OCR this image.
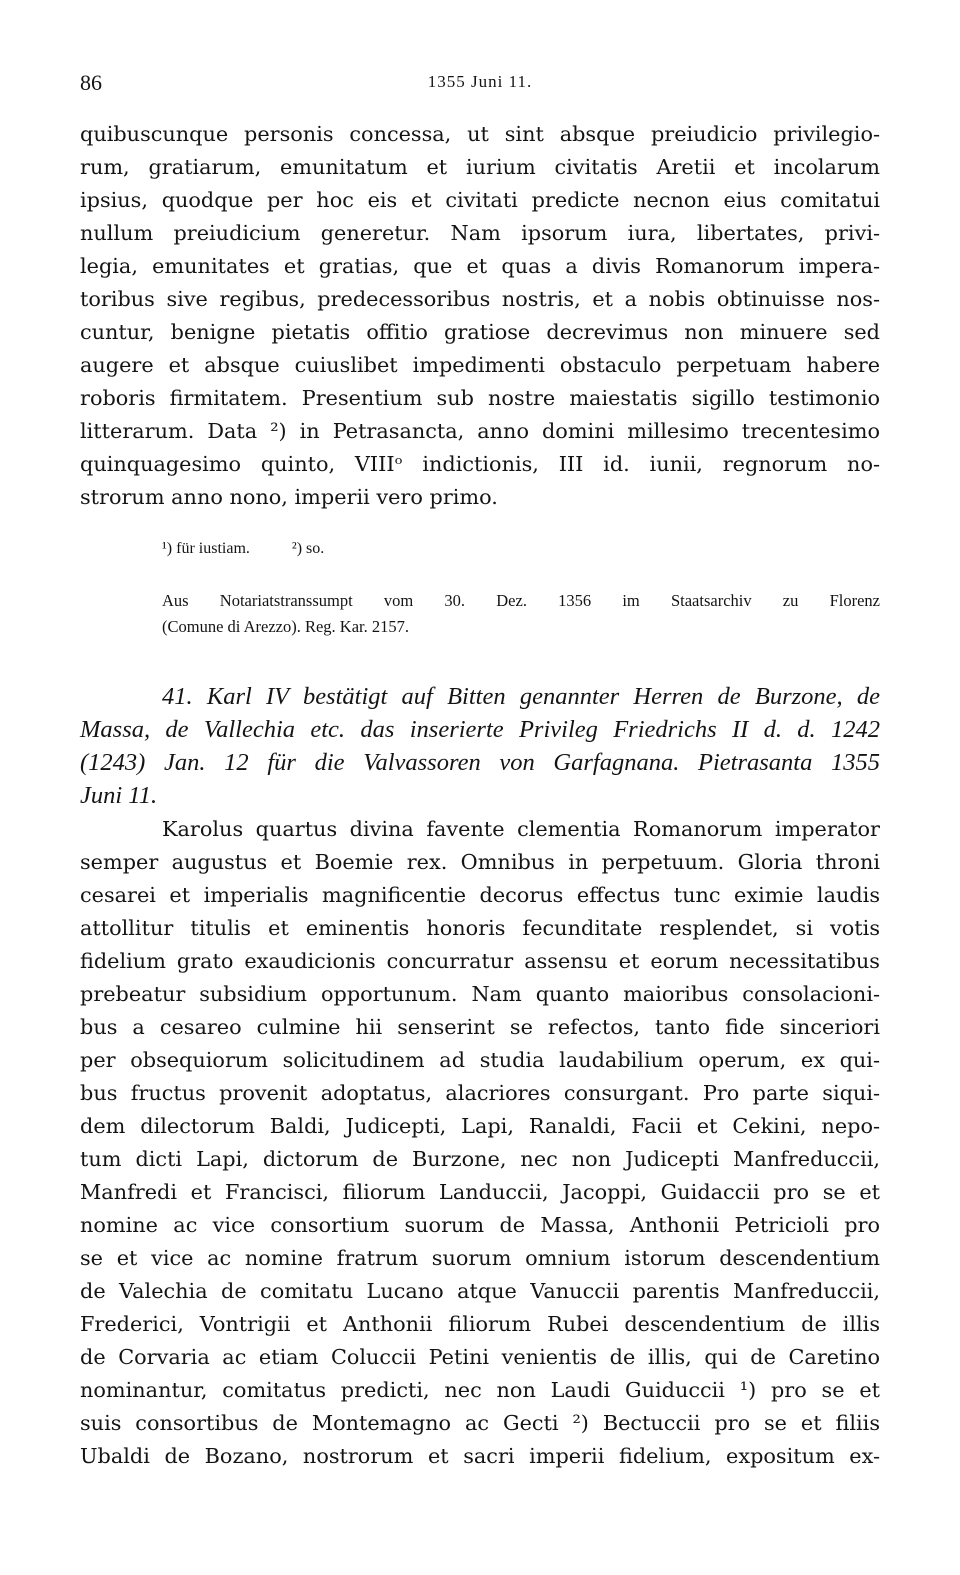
86	1355 Juni 11.
quibuscunque personis concessa, ut sint absque preiudicio privilegio-
rum, gratiarum, emunitatum et iurium civitatis Aretii et incolarum
ipsius, quodque per hoc eis et civitati predicte necnon eius comitatui
nullum preiudicium generetur. Nam ipsorum iura, libertates, privi-
legia, emunitates et gratias, que et quas a divis Romanorum impera-
toribus sive regibus, predecessoribus nostris, et a nobis obtinuisse nos-
cuntur, benigne pietatis offitio gratiose decrevimus non minuere sed
augere et absque cuiuslibet impedimenti obstaculo perpetuam habere
roboris firmitatem. Presentium sub nostre maiestatis sigillo testimonio
litterarum. Data ²) in Petrasancta, anno domini millesimo trecentesimo
quinquagesimo quinto, VIIIᵒ indictionis, III id. iunii, regnorum no-
strorum anno nono, imperii vero primo.
¹) für iustiam.	²) so.
Aus Notariatstranssumpt vom 30. Dez. 1356 im Staatsarchiv zu Florenz
(Comune di Arezzo). Reg. Kar. 2157.
41. Karl IV bestätigt auf Bitten genannter Herren de Burzone, de
Massa, de Vallechia etc. das inserierte Privileg Friedrichs II d. d. 1242
(1243) Jan. 12 für die Valvassoren von Garfagnana. Pietrasanta 1355
Juni 11.
Karolus quartus divina favente clementia Romanorum imperator
semper augustus et Boemie rex. Omnibus in perpetuum. Gloria throni
cesarei et imperialis magnificentie decorus effectus tunc eximie laudis
attollitur titulis et eminentis honoris fecunditate resplendet, si votis
fidelium grato exaudicionis concurratur assensu et eorum necessitatibus
prebeatur subsidium opportunum. Nam quanto maioribus consolacioni-
bus a cesareo culmine hii senserint se refectos, tanto fide sinceriori
per obsequiorum solicitudinem ad studia laudabilium operum, ex qui-
bus fructus provenit adoptatus, alacriores consurgant. Pro parte siqui-
dem dilectorum Baldi, Judicepti, Lapi, Ranaldi, Facii et Cekini, nepo-
tum dicti Lapi, dictorum de Burzone, nec non Judicepti Manfreduccii,
Manfredi et Francisci, filiorum Landuccii, Jacoppi, Guidaccii pro se et
nomine ac vice consortium suorum de Massa, Anthonii Petricioli pro
se et vice ac nomine fratrum suorum omnium istorum descendentium
de Valechia de comitatu Lucano atque Vanuccii parentis Manfreduccii,
Frederici, Vontrigii et Anthonii filiorum Rubei descendentium de illis
de Corvaria ac etiam Coluccii Petini venientis de illis, qui de Caretino
nominantur, comitatus predicti, nec non Laudi Guiduccii ¹) pro se et
suis consortibus de Montemagno ac Gecti ²) Bectuccii pro se et filiis
Ubaldi de Bozano, nostrorum et sacri imperii fidelium, expositum ex-
